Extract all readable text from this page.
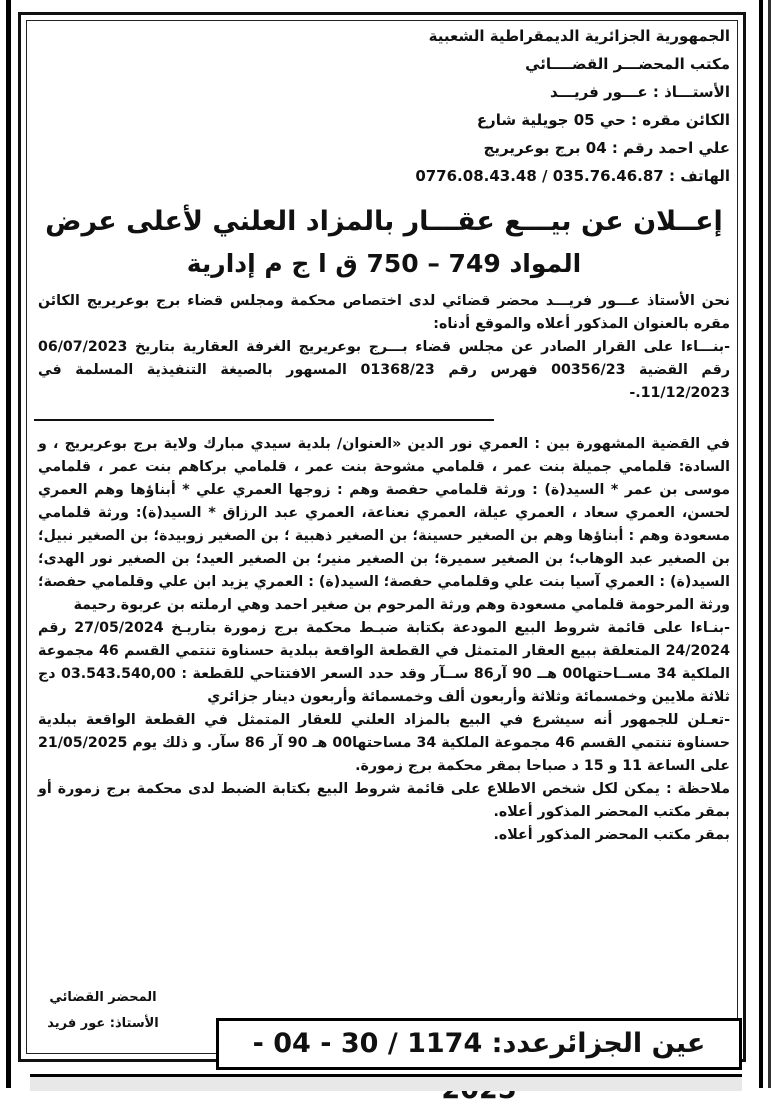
الجمهورية الجزائرية الديمقراطية الشعبية
مكتب المحضـــر القضــــائي
الأستـــاذ : عـــور فريـــد
الكائن مقره : حي 05 جويلية شارع
علي احمد رقم : 04 برج بوعريريج
الهاتف : 035.76.46.87 / 0776.08.43.48
إعــلان عن بيـــع عقـــار بالمزاد العلني لأعلى عرض
المواد 749 – 750 ق ا ج م إدارية
نحن الأستاذ عـــور فريـــد محضر قضائي لدى اختصاص محكمة ومجلس قضاء برج بوعريريج الكائن مقره بالعنوان المذكور أعلاه والموقع أدناه:
-بنـــاءا على القرار الصادر عن مجلس قضاء بـــرج بوعريريج الغرفة العقارية بتاريخ 06/07/2023 رقم القضية 00356/23 فهرس رقم 01368/23 المسهور بالصيغة التنفيذية المسلمة في 11/12/2023.-
في القضية المشهورة بين : العمري نور الدين «العنوان/ بلدية سيدي مبارك ولاية برج بوعريريج ، و السادة: قلمامي جميلة بنت عمر ، قلمامي مشوحة بنت عمر ، قلمامي بركاهم بنت عمر ، قلمامي موسى بن عمر * السيد(ة) : ورثة قلمامي حفصة وهم : زوجها العمري علي * أبناؤها وهم العمري لحسن، العمري سعاد ، العمري عيلة، العمري نعناعة، العمري عبد الرزاق * السيد(ة): ورثة قلمامي مسعودة وهم : أبناؤها وهم بن الصغير حسينة؛ بن الصغير ذهبية ؛ بن الصغير زوبيدة؛ بن الصغير نبيل؛ بن الصغير عبد الوهاب؛ بن الصغير سميرة؛ بن الصغير منير؛ بن الصغير العيد؛ بن الصغير نور الهدى؛ السيد(ة) : العمري آسيا بنت علي وقلمامي حفصة؛ السيد(ة) : العمري يزيد ابن علي وقلمامي حفصة؛ ورثة المرحومة قلمامي مسعودة وهم ورثة المرحوم بن صغير احمد وهي ارملته بن عربوة رحيمة
-بنـاءا على قائمة شروط البيع المودعة بكتابة ضبـط محكمة برج زمورة بتاريـخ 27/05/2024 رقم 24/2024 المتعلقة ببيع العقار المتمثل في القطعة الواقعة ببلدية حسناوة تنتمي القسم 46 مجموعة الملكية 34 مســاحتها00 هــ 90 آر86 ســآر وقد حدد السعر الافتتاحي للقطعة : 03.543.540,00 دج ثلاثة ملايين وخمسمائة وثلاثة وأربعون ألف وخمسمائة وأربعون دينار جزائري
-تعـلن للجمهور أنه سيشرع في البيع بالمزاد العلني للعقار المتمثل في القطعة الواقعة ببلدية حسناوة تنتمي القسم 46 مجموعة الملكية 34 مساحتها00 هـ 90 آر 86 سآر. و ذلك يوم 21/05/2025 على الساعة 11 و 15 د صباحا بمقر محكمة برج زمورة.
ملاحظة : يمكن لكل شخص الاطلاع على قائمة شروط البيع بكتابة الضبط لدى محكمة برج زمورة أو بمقر مكتب المحضر المذكور أعلاه.
بمقر مكتب المحضر المذكور أعلاه.
المحضر القضائي
الأستاذ: عور فريد
عين الجزائرعدد: 1174 / 30 - 04 -
